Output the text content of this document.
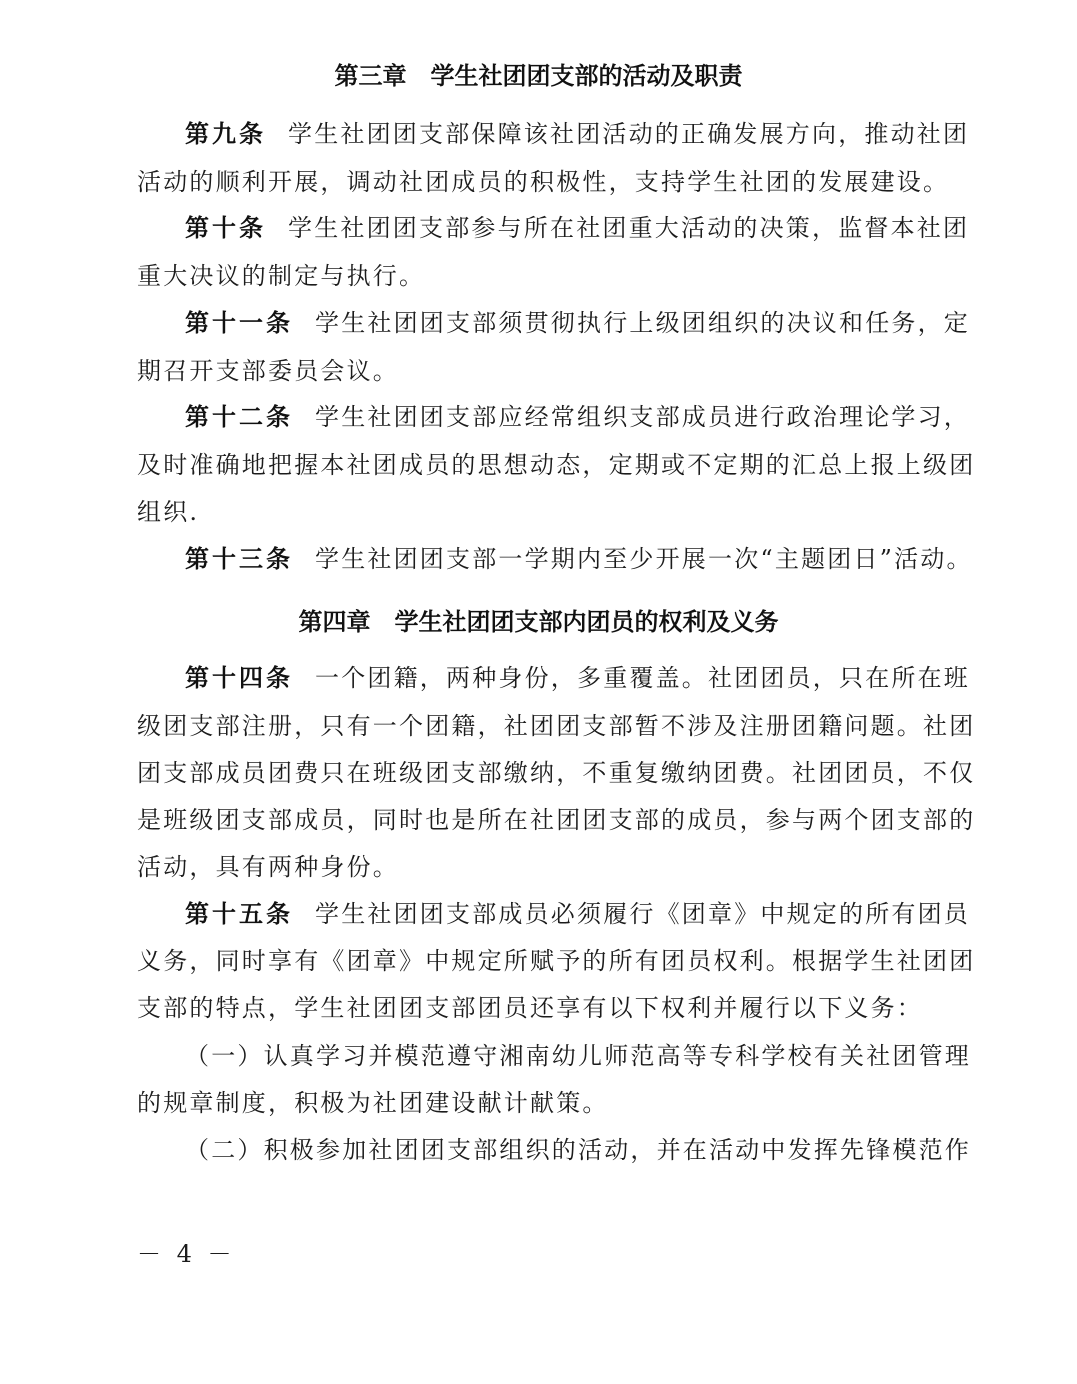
第三章　学生社团团支部的活动及职责
第九条 学生社团团支部保障该社团活动的正确发展方向，推动社团
活动的顺利开展，调动社团成员的积极性，支持学生社团的发展建设。
第十条 学生社团团支部参与所在社团重大活动的决策，监督本社团
重大决议的制定与执行。
第十一条 学生社团团支部须贯彻执行上级团组织的决议和任务，定
期召开支部委员会议。
第十二条 学生社团团支部应经常组织支部成员进行政治理论学习，
及时准确地把握本社团成员的思想动态，定期或不定期的汇总上报上级团
组织.
第十三条 学生社团团支部一学期内至少开展一次“主题团日”活动。
第四章　学生社团团支部内团员的权利及义务
第十四条 一个团籍，两种身份，多重覆盖。社团团员，只在所在班
级团支部注册，只有一个团籍，社团团支部暂不涉及注册团籍问题。社团
团支部成员团费只在班级团支部缴纳，不重复缴纳团费。社团团员，不仅
是班级团支部成员，同时也是所在社团团支部的成员，参与两个团支部的
活动，具有两种身份。
第十五条 学生社团团支部成员必须履行《团章》中规定的所有团员
义务，同时享有《团章》中规定所赋予的所有团员权利。根据学生社团团
支部的特点，学生社团团支部团员还享有以下权利并履行以下义务：
（一）认真学习并模范遵守湘南幼儿师范高等专科学校有关社团管理
的规章制度，积极为社团建设献计献策。
（二）积极参加社团团支部组织的活动，并在活动中发挥先锋模范作
－ 4 －
